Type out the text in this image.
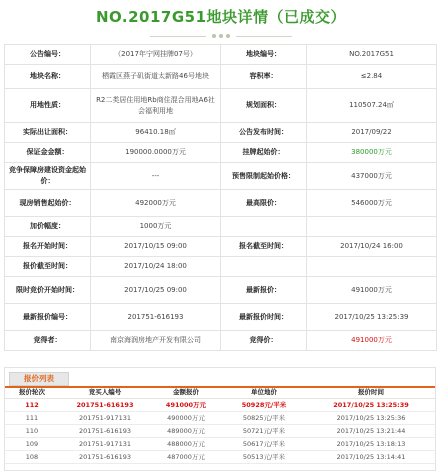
NO.2017G51地块详情（已成交）
公告编号：	（2017年宁网挂牌07号）	地块编号：	NO.2017G51
地块名称：	栖霞区燕子矶街道太新路46号地块	容积率：	≤2.84
用地性质：	R2二类居住用地Rb商住混合用地A6社会福利用地	规划面积：	110507.24㎡
实际出让面积：	96410.18㎡	公告发布时间：	2017/09/22
保证金金额：	190000.0000万元	挂牌起始价：	380000万元
竞争保障房建设资金起始价：	---	预售限制起始价格：	437000万元
现房销售起始价：	492000万元	最高限价：	546000万元
加价幅度：	1000万元		
报名开始时间：	2017/10/15 09:00	报名截至时间：	2017/10/24 16:00
报价截至时间：	2017/10/24 18:00		
限时竞价开始时间：	2017/10/25 09:00	最新报价：	491000万元
最新报价编号：	201751-616193	最新报价时间：	2017/10/25 13:25:39
竞得者：	南京海润房地产开发有限公司	竞得价：	491000万元
报价列表
报价轮次	竞买人编号	金额报价	单位地价	报价时间
112	201751-616193	491000万元	50928元/平米	2017/10/25 13:25:39
111	201751-917131	490000万元	50825元/平米	2017/10/25 13:25:36
110	201751-616193	489000万元	50721元/平米	2017/10/25 13:21:44
109	201751-917131	488000万元	50617元/平米	2017/10/25 13:18:13
108	201751-616193	487000万元	50513元/平米	2017/10/25 13:14:41
